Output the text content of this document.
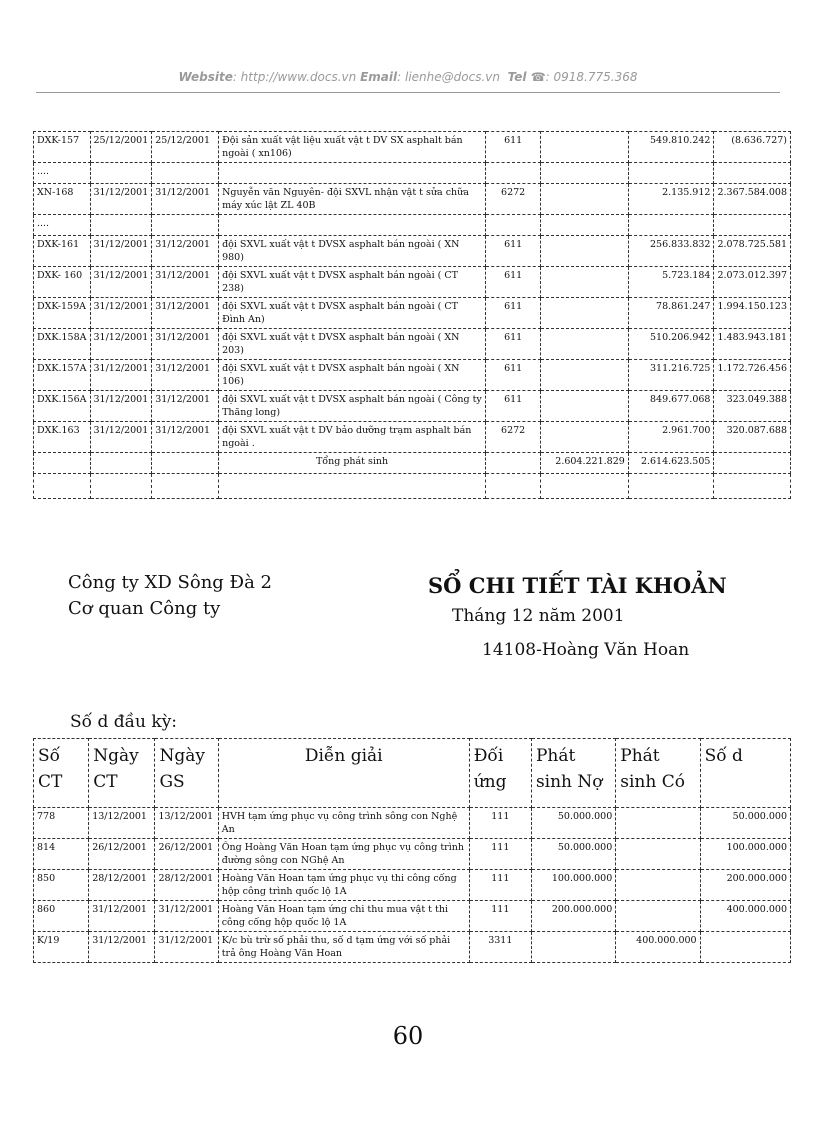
Website: http://www.docs.vn Email: lienhe@docs.vn Tel ☎: 0918.775.368
DXK-157	25/12/2001	25/12/2001	Đội sản xuất vật liệu xuất vật t DV SX asphalt bán ngoài ( xn106)	611		549.810.242	(8.636.727)
....							
XN-168	31/12/2001	31/12/2001	Nguyễn văn Nguyên- đội SXVL nhận vật t sửa chữa máy xúc lật ZL 40B	6272		2.135.912	2.367.584.008
....							
DXK-161	31/12/2001	31/12/2001	đội SXVL xuất vật t DVSX asphalt bán ngoài ( XN 980)	611		256.833.832	2.078.725.581
DXK- 160	31/12/2001	31/12/2001	đội SXVL xuất vật t DVSX asphalt bán ngoài ( CT 238)	611		5.723.184	2.073.012.397
DXK-159A	31/12/2001	31/12/2001	đội SXVL xuất vật t DVSX asphalt bán ngoài ( CT Đình An)	611		78.861.247	1.994.150.123
DXK.158A	31/12/2001	31/12/2001	đội SXVL xuất vật t DVSX asphalt bán ngoài ( XN 203)	611		510.206.942	1.483.943.181
DXK.157A	31/12/2001	31/12/2001	đội SXVL xuất vật t DVSX asphalt bán ngoài ( XN 106)	611		311.216.725	1.172.726.456
DXK.156A	31/12/2001	31/12/2001	đội SXVL xuất vật t DVSX asphalt bán ngoài ( Công ty Thăng long)	611		849.677.068	323.049.388
DXK.163	31/12/2001	31/12/2001	đội SXVL xuất vật t DV bảo dưỡng trạm asphalt bán ngoài .	6272		2.961.700	320.087.688
			Tổng phát sinh		2.604.221.829	2.614.623.505	

Công ty XD Sông Đà 2
Cơ quan Công ty
SỔ CHI TIẾT TÀI KHOẢN
Tháng 12 năm 2001
14108-Hoàng Văn Hoan
Số d đầu kỳ:
Số CT	Ngày CT	Ngày GS	Diễn giải	Đối ứng	Phát sinh Nợ	Phát sinh Có	Số d
778	13/12/2001	13/12/2001	HVH tạm ứng phục vụ công trình sông con Nghệ An	111	50.000.000		50.000.000
814	26/12/2001	26/12/2001	Ông Hoàng Văn Hoan tạm ứng phục vụ công trình đường sông con NGhệ An	111	50.000.000		100.000.000
850	28/12/2001	28/12/2001	Hoàng Văn Hoan tạm ứng phục vụ thi công cống hộp công trình quốc lộ 1A	111	100.000.000		200.000.000
860	31/12/2001	31/12/2001	Hoàng Văn Hoan tạm ứng chi thu mua vật t thi công cống hộp quốc lộ 1A	111	200.000.000		400.000.000
K/19	31/12/2001	31/12/2001	K/c bù trừ số phải thu, số d tạm ứng với số phải trả ông Hoàng Văn Hoan	3311		400.000.000	
60
